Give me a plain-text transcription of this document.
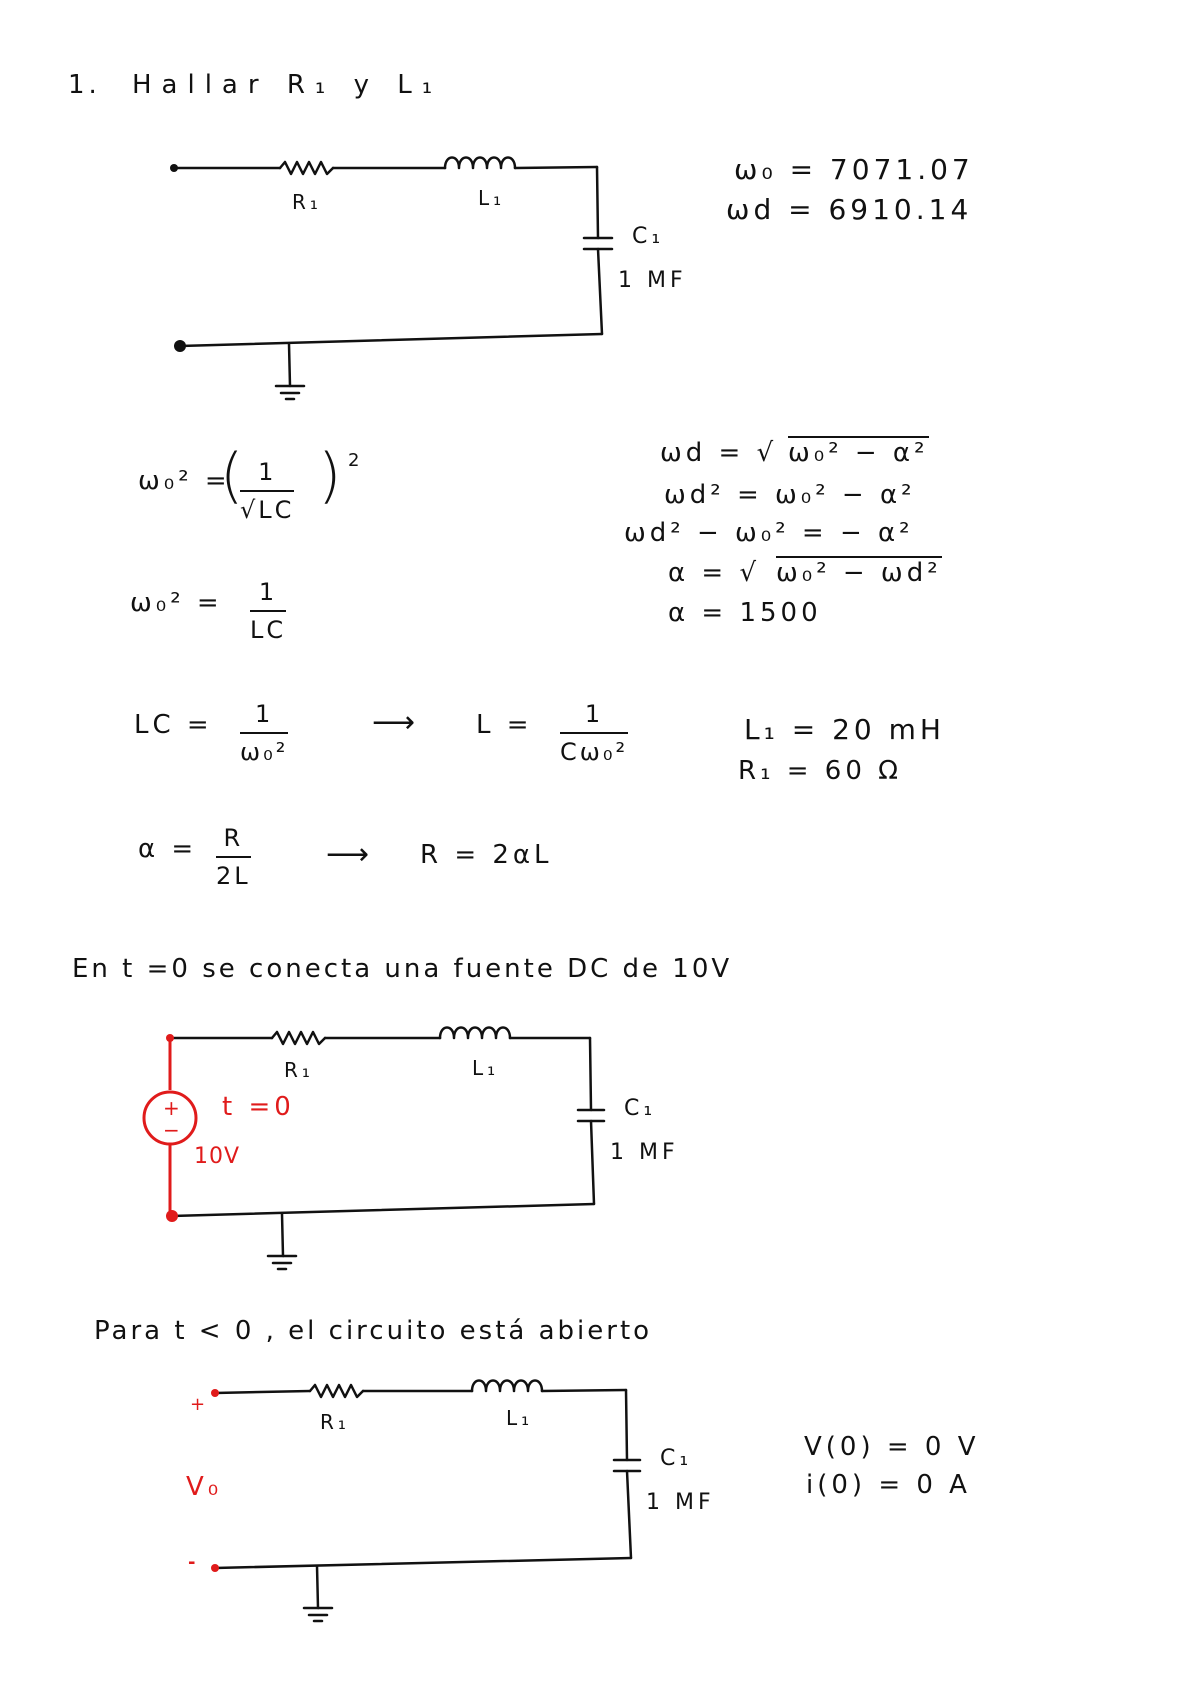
1. Hallar R₁ y L₁
R₁	L₁
C₁
1 MF
ω₀ = 7071.07
ωd = 6910.14
ω₀² =
(
$\frac{1}{√LC}$ ) 2
$\omega_0^2 = \frac{1}{LC}$
LC = $\frac{1}{\text{ω₀²}}$	⟶ $L = \frac{1}{\text{Cω₀²}}$
$\alpha = \frac{R}{2L}$	⟶ R = 2αL
ωd = √ ω₀² − α²
ωd² = ω₀² − α²
ωd² − ω₀² = − α²
α = √ ω₀² − ωd²
α = 1500
L₁ = 20 mH
R₁ = 60 Ω
En t =0 se conecta una fuente DC de 10V
+
−
t =0
10V
R₁	L₁
C₁
1 MF
Para t < 0 , el circuito está abierto
+
-
V₀
R₁	L₁
C₁
1 MF
V(0) = 0 V
i(0) = 0 A
